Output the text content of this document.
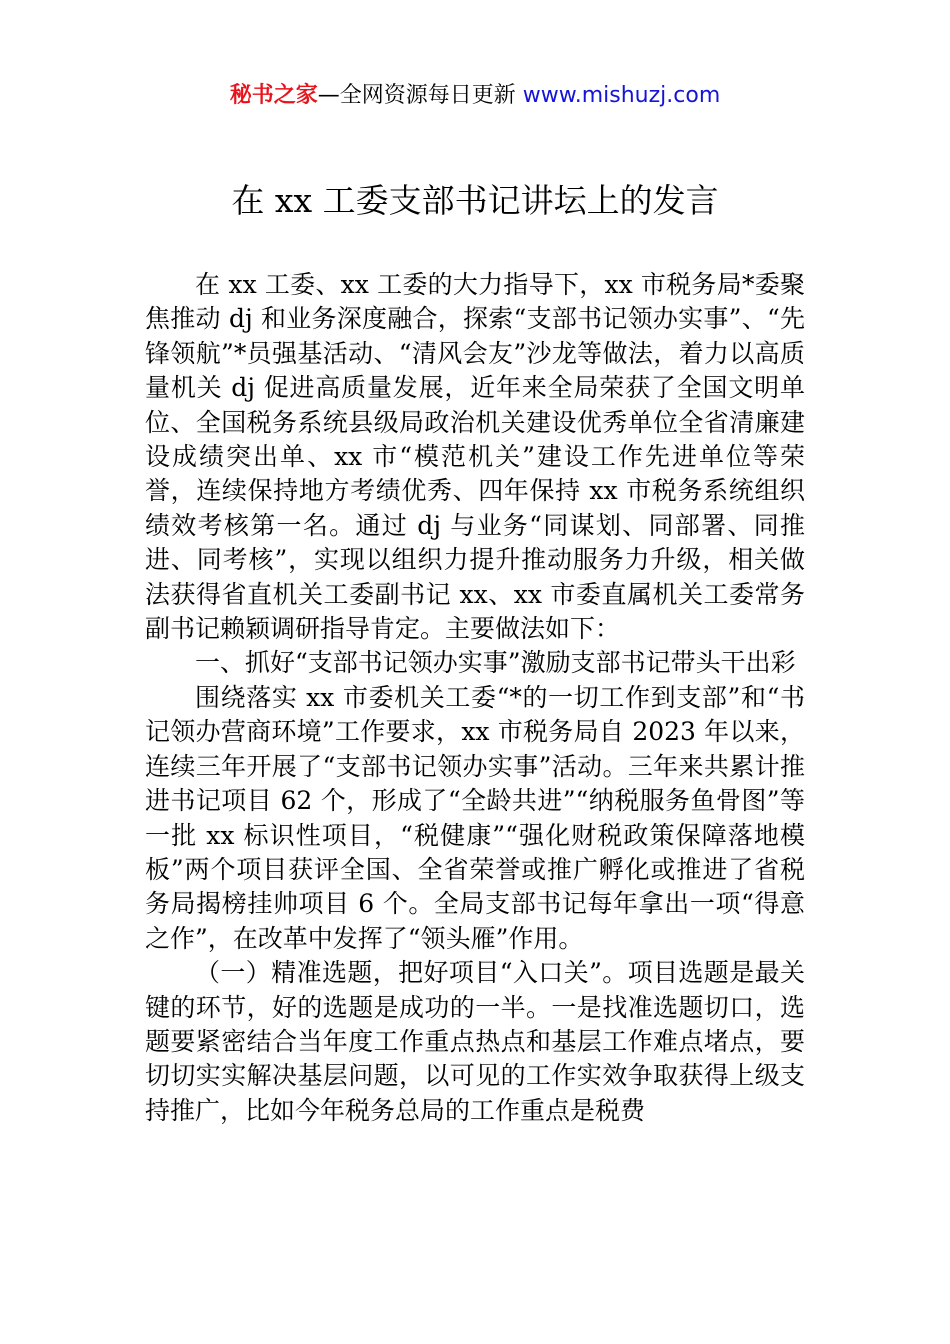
秘书之家—全网资源每日更新 www.mishuzj.com
在 xx 工委支部书记讲坛上的发言

在 xx 工委、xx 工委的大力指导下，xx 市税务局*委聚焦推动 dj 和业务深度融合，探索“支部书记领办实事”、“先锋领航”*员强基活动、“清风会友”沙龙等做法，着力以高质量机关 dj 促进高质量发展，近年来全局荣获了全国文明单位、全国税务系统县级局政治机关建设优秀单位全省清廉建设成绩突出单、xx 市“模范机关”建设工作先进单位等荣誉，连续保持地方考绩优秀、四年保持 xx 市税务系统组织绩效考核第一名。通过 dj 与业务“同谋划、同部署、同推进、同考核”，实现以组织力提升推动服务力升级，相关做法获得省直机关工委副书记 xx、xx 市委直属机关工委常务副书记赖颖调研指导肯定。主要做法如下：

一、抓好“支部书记领办实事”激励支部书记带头干出彩

围绕落实 xx 市委机关工委“*的一切工作到支部”和“书记领办营商环境”工作要求，xx 市税务局自 2023 年以来，连续三年开展了“支部书记领办实事”活动。三年来共累计推进书记项目 62 个，形成了“全龄共进”“纳税服务鱼骨图”等一批 xx 标识性项目，“税健康”“强化财税政策保障落地模板”两个项目获评全国、全省荣誉或推广孵化或推进了省税务局揭榜挂帅项目 6 个。全局支部书记每年拿出一项“得意之作”，在改革中发挥了“领头雁”作用。

（一）精准选题，把好项目“入口关”。项目选题是最关键的环节，好的选题是成功的一半。一是找准选题切口，选题要紧密结合当年度工作重点热点和基层工作难点堵点，要切切实实解决基层问题，以可见的工作实效争取获得上级支持推广，比如今年税务总局的工作重点是税费
